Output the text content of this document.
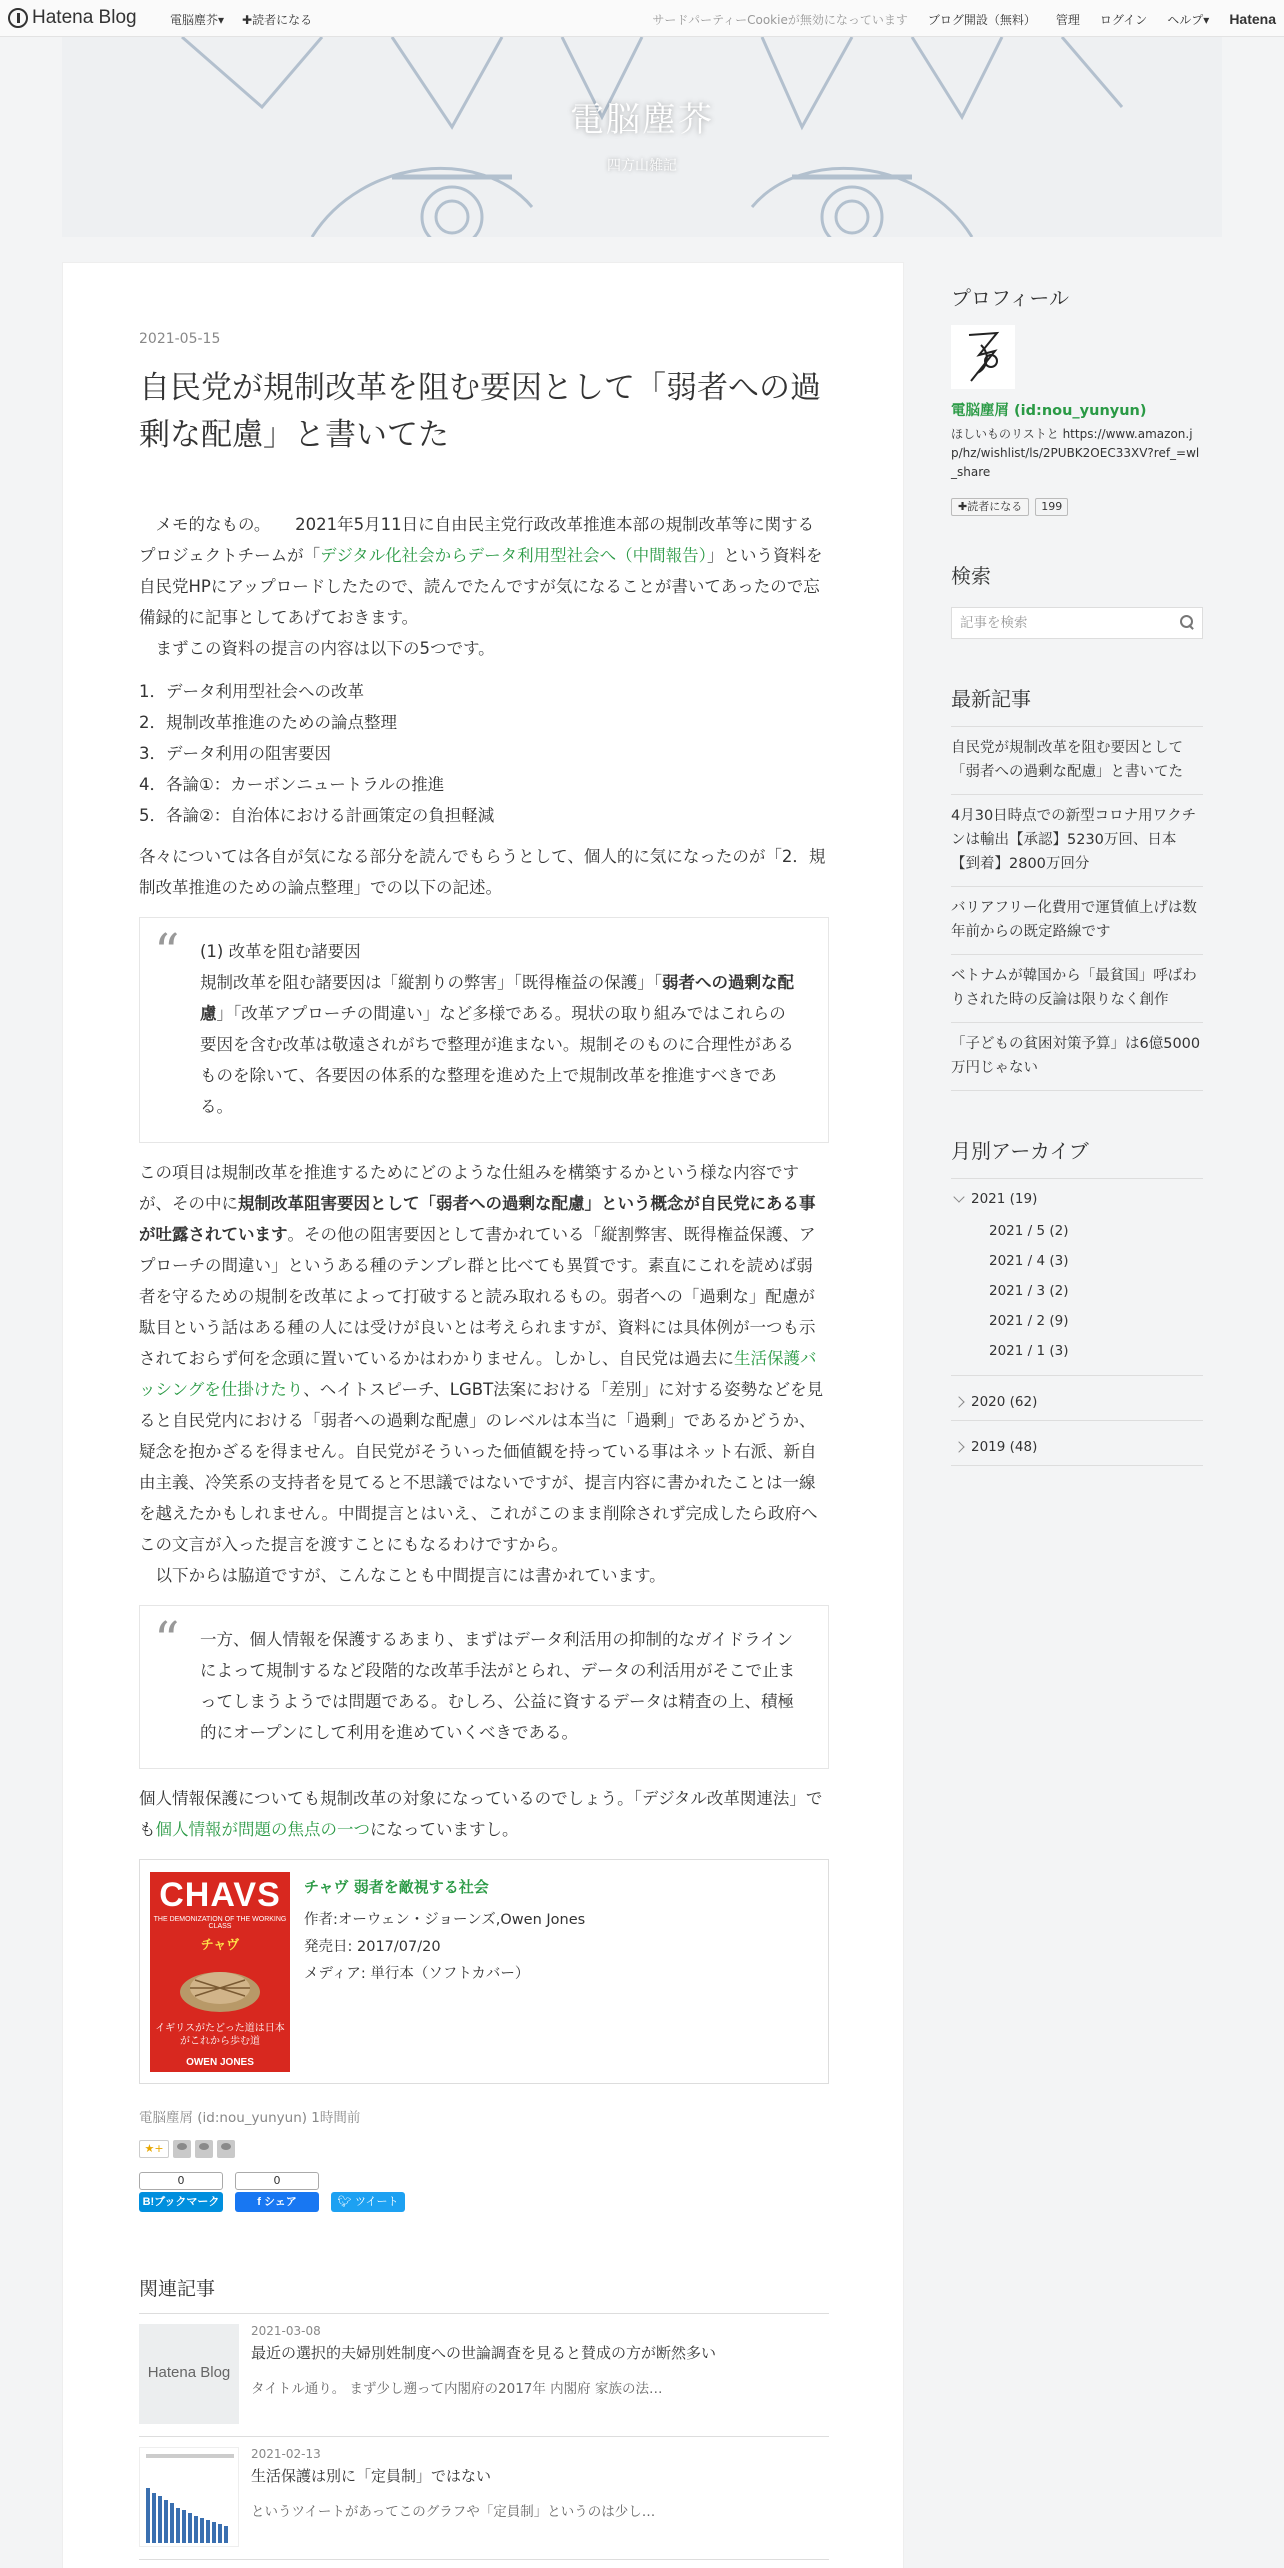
Hatena Blog	電脳塵芥▾ ✚読者になる	サードパーティーCookieが無効になっています ブログ開設（無料） 管理 ログイン ヘルプ▾ Hatena
電脳塵芥
四方山雑記
2021-05-15
自民党が規制改革を阻む要因として「弱者への過剰な配慮」と書いてた

　メモ的なもの。　　2021年5月11日に自由民主党行政改革推進本部の規制改革等に関するプロジェクトチームが「デジタル化社会からデータ利用型社会へ（中間報告）」という資料を自民党HPにアップロードしたたので、読んでたんですが気になることが書いてあったので忘備録的に記事としてあげておきます。

　まずこの資料の提言の内容は以下の5つです。

1．データ利用型社会への改革
2．規制改革推進のための論点整理
3．データ利用の阻害要因
4．各論①：カーボンニュートラルの推進
5．各論②：自治体における計画策定の負担軽減

各々については各自が気になる部分を読んでもらうとして、個人的に気になったのが「2．規制改革推進のための論点整理」での以下の記述。

“ (1) 改革を阻む諸要因
規制改革を阻む諸要因は「縦割りの弊害」「既得権益の保護」「弱者への過剰な配慮」「改革アプローチの間違い」など多様である。現状の取り組みではこれらの要因を含む改革は敬遠されがちで整理が進まない。規制そのものに合理性があるものを除いて、各要因の体系的な整理を進めた上で規制改革を推進すべきである。

この項目は規制改革を推進するためにどのような仕組みを構築するかという様な内容ですが、その中に規制改革阻害要因として「弱者への過剰な配慮」という概念が自民党にある事が吐露されています。その他の阻害要因として書かれている「縦割弊害、既得権益保護、アプローチの間違い」というある種のテンプレ群と比べても異質です。素直にこれを読めば弱者を守るための規制を改革によって打破すると読み取れるもの。弱者への「過剰な」配慮が駄目という話はある種の人には受けが良いとは考えられますが、資料には具体例が一つも示されておらず何を念頭に置いているかはわかりません。しかし、自民党は過去に生活保護バッシングを仕掛けたり、ヘイトスピーチ、LGBT法案における「差別」に対する姿勢などを見ると自民党内における「弱者への過剰な配慮」のレベルは本当に「過剰」であるかどうか、疑念を抱かざるを得ません。自民党がそういった価値観を持っている事はネット右派、新自由主義、冷笑系の支持者を見てると不思議ではないですが、提言内容に書かれたことは一線を越えたかもしれません。中間提言とはいえ、これがこのまま削除されず完成したら政府へこの文言が入った提言を渡すことにもなるわけですから。

　以下からは脇道ですが、こんなことも中間提言には書かれています。

“ 一方、個人情報を保護するあまり、まずはデータ利活用の抑制的なガイドラインによって規制するなど段階的な改革手法がとられ、データの利活用がそこで止まってしまうようでは問題である。むしろ、公益に資するデータは精査の上、積極的にオープンにして利用を進めていくべきである。

個人情報保護についても規制改革の対象になっているのでしょう。「デジタル改革関連法」でも個人情報が問題の焦点の一つになっていますし。

CHAVS
THE DEMONIZATION OF THE WORKING CLASS
チャヴ
イギリスがたどった道は日本がこれから歩む道
OWEN JONES
チャヴ 弱者を敵視する社会
作者:オーウェン・ジョーンズ,Owen Jones
発売日: 2017/07/20
メディア: 単行本（ソフトカバー）
電脳塵屑 (id:nou_yunyun) 1時間前
★+
0
B!ブックマーク
0
f シェア	🐦︎ ツイート
関連記事
Hatena Blog
2021-03-08
最近の選択的夫婦別姓制度への世論調査を見ると賛成の方が断然多い
タイトル通り。 まず少し遡って内閣府の2017年 内閣府 家族の法…
2021-02-13
生活保護は別に「定員制」ではない
というツイートがあってこのグラフや「定員制」というのは少し…
プロフィール
電脳塵屑 (id:nou_yunyun)
ほしいものリストと https://www.amazon.jp/hz/wishlist/ls/2PUBK2OEC33XV?ref_=wl_share
✚読者になる	199
検索
記事を検索
最新記事
自民党が規制改革を阻む要因として「弱者への過剰な配慮」と書いてた
4月30日時点での新型コロナ用ワクチンは輸出【承認】5230万回、日本【到着】2800万回分
バリアフリー化費用で運賃値上げは数年前からの既定路線です
ベトナムが韓国から「最貧国」呼ばわりされた時の反論は限りなく創作
「子どもの貧困対策予算」は6億5000万円じゃない
月別アーカイブ
2021 (19)
2021 / 5 (2)
2021 / 4 (3)
2021 / 3 (2)
2021 / 2 (9)
2021 / 1 (3)
2020 (62)
2019 (48)
